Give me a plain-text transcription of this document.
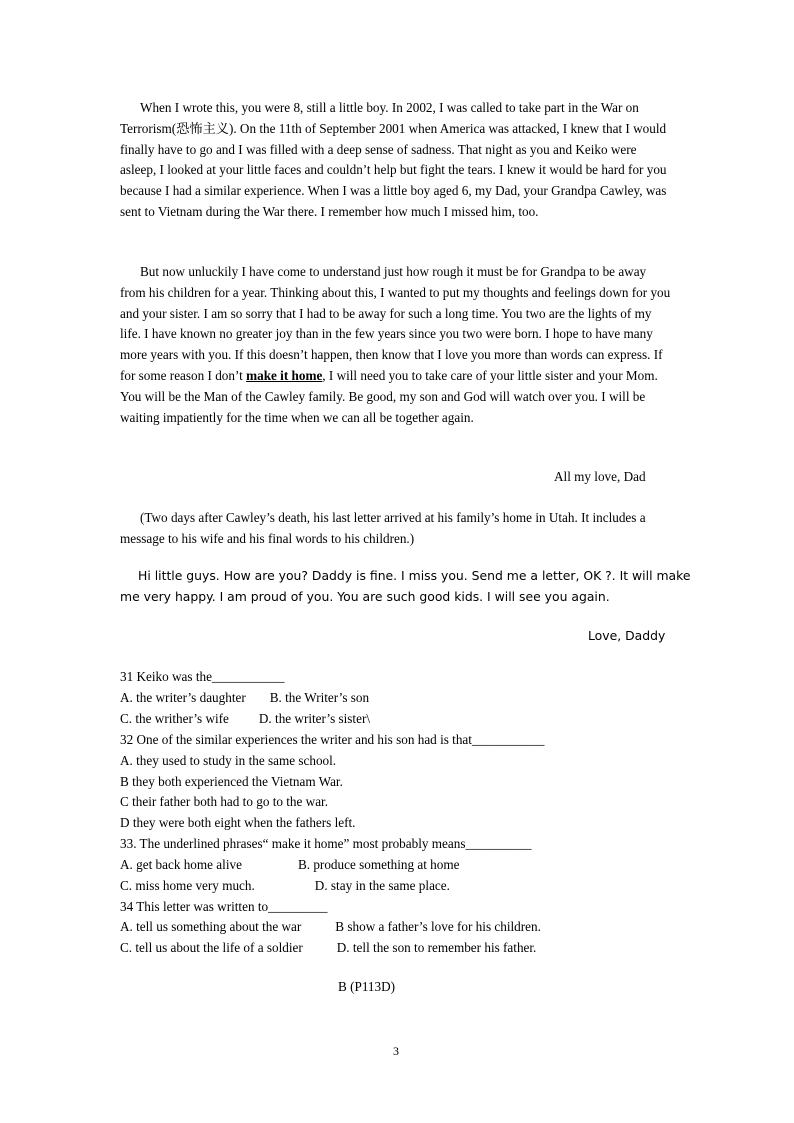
When I wrote this, you were 8, still a little boy. In 2002, I was called to take part in the War on Terrorism(恐怖主义). On the 11th of September 2001 when America was attacked, I knew that I would finally have to go and I was filled with a deep sense of sadness. That night as you and Keiko were asleep, I looked at your little faces and couldn’t help but fight the tears. I knew it would be hard for you because I had a similar experience. When I was a little boy aged 6, my Dad, your Grandpa Cawley, was sent to Vietnam during the War there. I remember how much I missed him, too.

But now unluckily I have come to understand just how rough it must be for Grandpa to be away from his children for a year. Thinking about this, I wanted to put my thoughts and feelings down for you and your sister. I am so sorry that I had to be away for such a long time. You two are the lights of my life. I have known no greater joy than in the few years since you two were born. I hope to have many more years with you. If this doesn’t happen, then know that I love you more than words can express. If for some reason I don’t make it home, I will need you to take care of your little sister and your Mom. You will be the Man of the Cawley family. Be good, my son and God will watch over you. I will be waiting impatiently for the time when we can all be together again.

All my love, Dad

(Two days after Cawley’s death, his last letter arrived at his family’s home in Utah. It includes a message to his wife and his final words to his children.)

Hi little guys. How are you? Daddy is fine. I miss you. Send me a letter, OK ?. It will make
me very happy. I am proud of you. You are such good kids. I will see you again.
Love, Daddy
31 Keiko was the___________
A. the writer’s daughter B. the Writer’s son
C. the writher’s wife D. the writer’s sister\
32 One of the similar experiences the writer and his son had is that___________
A. they used to study in the same school.
B they both experienced the Vietnam War.
C their father both had to go to the war.
D they were both eight when the fathers left.
33. The underlined phrases“ make it home” most probably means__________
A. get back home alive	B. produce something at home
C. miss home very much.	D. stay in the same place.
34 This letter was written to_________
A. tell us something about the war	B show a father’s love for his children.
C. tell us about the life of a soldier	D. tell the son to remember his father.
B (P113D)
3
